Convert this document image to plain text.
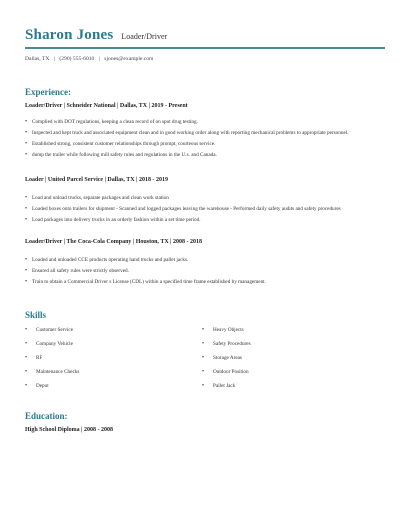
Sharon Jones Loader/Driver
Dallas, TX | (290) 555-6010 | sjones@example.com
Experience:
Loader/Driver | Schneider National | Dallas, TX | 2019 - Present
• Complied with DOT regulations, keeping a clean record of on spot drug testing.
• Inspected and kept truck and associated equipment clean and in good working order along with reporting mechanical problems to appropriate personnel.
• Established strong, consistent customer relationships through prompt, courteous service.
• dump the trailer while following mill safety rules and regulations in the U.s. and Canada.
Loader | United Parcel Service | Dallas, TX | 2018 - 2019
• Load and unload trucks, separate packages and clean work station
• Loaded boxes onto trailers for shipment - Scanned and logged packages leaving the warehouse - Performed daily safety audits and safety procedures
• Load packages into delivery trucks in an orderly fashion within a set time period.
Loader/Driver | The Coca-Cola Company | Houston, TX | 2008 - 2018
• Loaded and unloaded CCE products operating hand trucks and pallet jacks.
• Ensured all safety rules were strictly observed.
• Train to obtain a Commercial Driver s License (CDL) within a specified time frame established by management.
Skills
• Customer Service
• Company Vehicle
• RF
• Maintenance Checks
• Depot
• Heavy Objects
• Safety Procedures
• Storage Areas
• Outdoor Position
• Pallet Jack
Education:
High School Diploma | 2008 - 2008
